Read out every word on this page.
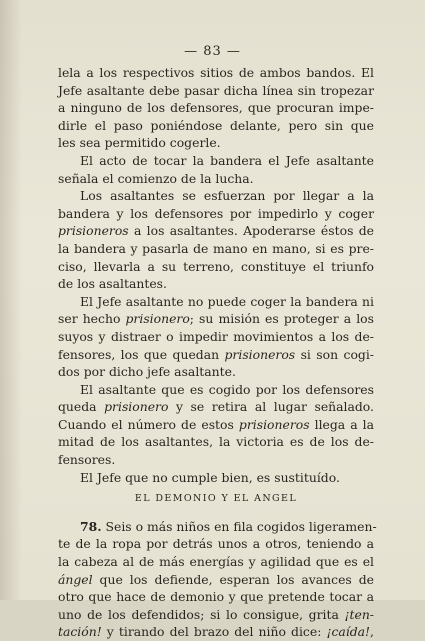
— 83 —
lela a los respectivos sitios de ambos bandos. El
Jefe asaltante debe pasar dicha línea sin tropezar
a ninguno de los defensores, que procuran impe-
dirle el paso poniéndose delante, pero sin que
les sea permitido cogerle.
El acto de tocar la bandera el Jefe asaltante
señala el comienzo de la lucha.
Los asaltantes se esfuerzan por llegar a la
bandera y los defensores por impedirlo y coger
prisioneros a los asaltantes. Apoderarse éstos de
la bandera y pasarla de mano en mano, si es pre-
ciso, llevarla a su terreno, constituye el triunfo
de los asaltantes.
El Jefe asaltante no puede coger la bandera ni
ser hecho prisionero; su misión es proteger a los
suyos y distraer o impedir movimientos a los de-
fensores, los que quedan prisioneros si son cogi-
dos por dicho jefe asaltante.
El asaltante que es cogido por los defensores
queda prisionero y se retira al lugar señalado.
Cuando el número de estos prisioneros llega a la
mitad de los asaltantes, la victoria es de los de-
fensores.
El Jefe que no cumple bien, es sustituído.
EL DEMONIO Y EL ANGEL
78. Seis o más niños en fila cogidos ligeramen-
te de la ropa por detrás unos a otros, teniendo a
la cabeza al de más energías y agilidad que es el
ángel que los defiende, esperan los avances de
otro que hace de demonio y que pretende tocar a
uno de los defendidos; si lo consigue, grita ¡ten-
tación! y tirando del brazo del niño dice: ¡caída!,
